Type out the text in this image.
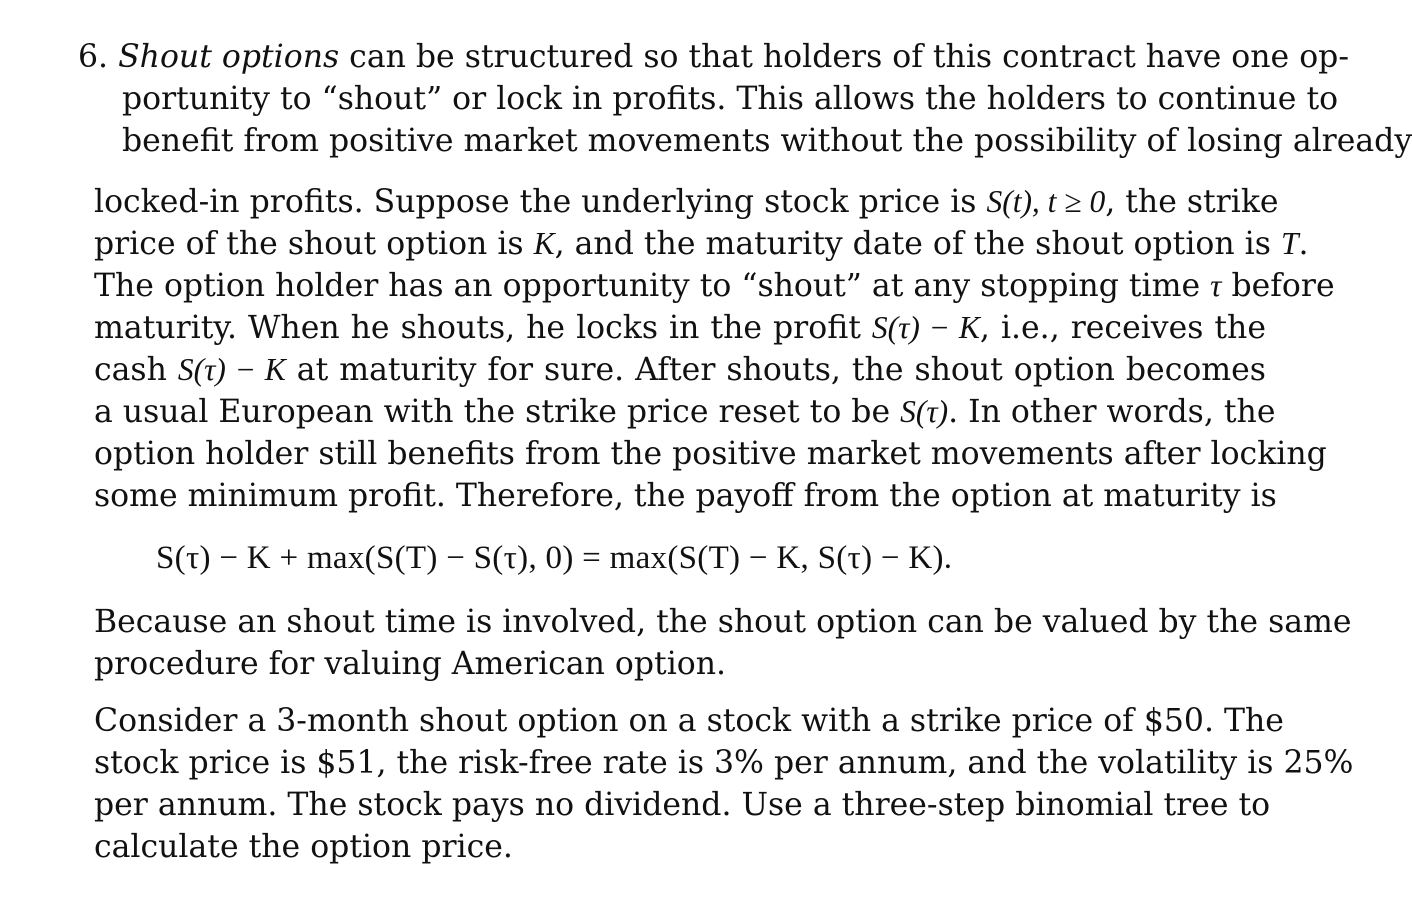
6. Shout options can be structured so that holders of this contract have one op-
portunity to “shout” or lock in profits. This allows the holders to continue to
benefit from positive market movements without the possibility of losing already
locked-in profits. Suppose the underlying stock price is S(t), t ≥ 0, the strike
price of the shout option is K, and the maturity date of the shout option is T.
The option holder has an opportunity to “shout” at any stopping time τ before
maturity. When he shouts, he locks in the profit S(τ) − K, i.e., receives the
cash S(τ) − K at maturity for sure. After shouts, the shout option becomes
a usual European with the strike price reset to be S(τ). In other words, the
option holder still benefits from the positive market movements after locking
some minimum profit. Therefore, the payoff from the option at maturity is
S(τ) − K + max(S(T) − S(τ), 0) = max(S(T) − K, S(τ) − K).
Because an shout time is involved, the shout option can be valued by the same
procedure for valuing American option.
Consider a 3-month shout option on a stock with a strike price of $50. The
stock price is $51, the risk-free rate is 3% per annum, and the volatility is 25%
per annum. The stock pays no dividend. Use a three-step binomial tree to
calculate the option price.
